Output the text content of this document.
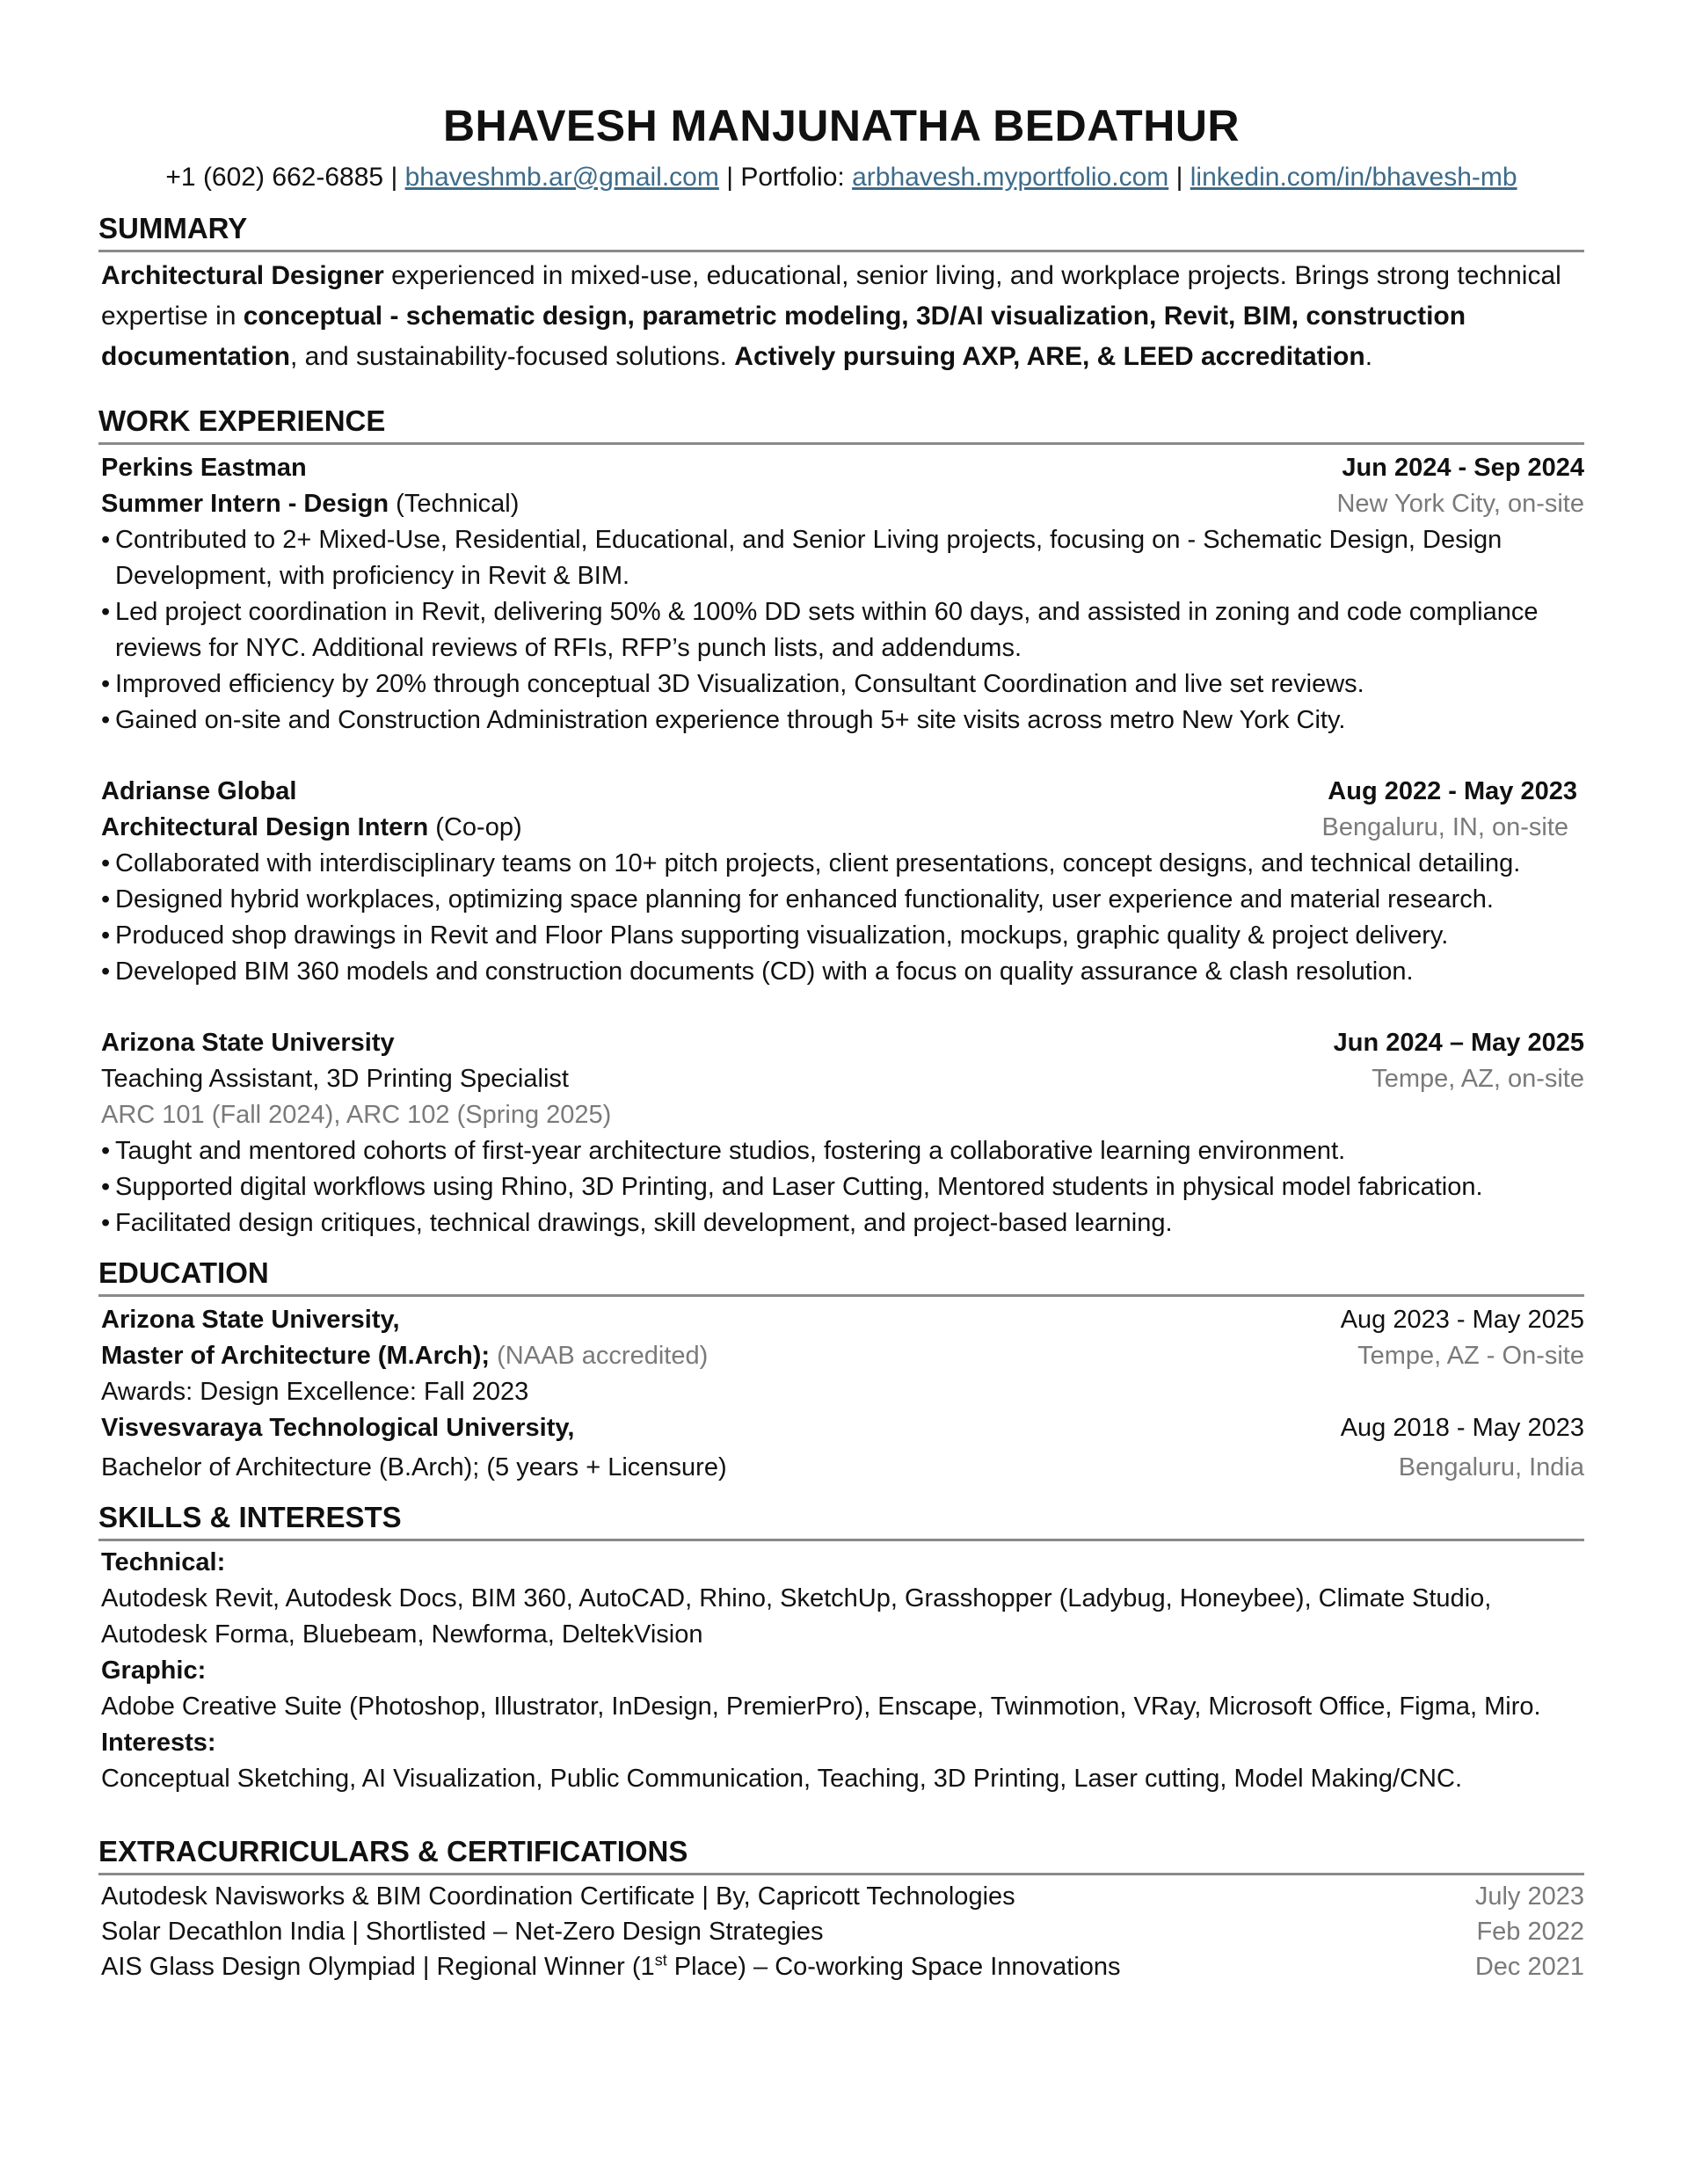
BHAVESH MANJUNATHA BEDATHUR
+1 (602) 662-6885 | bhaveshmb.ar@gmail.com | Portfolio: arbhavesh.myportfolio.com | linkedin.com/in/bhavesh-mb
SUMMARY
Architectural Designer experienced in mixed-use, educational, senior living, and workplace projects. Brings strong technical expertise in conceptual - schematic design, parametric modeling, 3D/AI visualization, Revit, BIM, construction documentation, and sustainability-focused solutions. Actively pursuing AXP, ARE, & LEED accreditation.
WORK EXPERIENCE
Perkins Eastman	Jun 2024 - Sep 2024
Summer Intern - Design (Technical)	New York City, on-site
• Contributed to 2+ Mixed-Use, Residential, Educational, and Senior Living projects, focusing on - Schematic Design, Design Development, with proficiency in Revit & BIM.
• Led project coordination in Revit, delivering 50% & 100% DD sets within 60 days, and assisted in zoning and code compliance reviews for NYC. Additional reviews of RFIs, RFP’s punch lists, and addendums.
• Improved efficiency by 20% through conceptual 3D Visualization, Consultant Coordination and live set reviews.
• Gained on-site and Construction Administration experience through 5+ site visits across metro New York City.
Adrianse Global	Aug 2022 - May 2023
Architectural Design Intern (Co-op)	Bengaluru, IN, on-site
• Collaborated with interdisciplinary teams on 10+ pitch projects, client presentations, concept designs, and technical detailing.
• Designed hybrid workplaces, optimizing space planning for enhanced functionality, user experience and material research.
• Produced shop drawings in Revit and Floor Plans supporting visualization, mockups, graphic quality & project delivery.
• Developed BIM 360 models and construction documents (CD) with a focus on quality assurance & clash resolution.
Arizona State University	Jun 2024 – May 2025
Teaching Assistant, 3D Printing Specialist	Tempe, AZ, on-site
ARC 101 (Fall 2024), ARC 102 (Spring 2025)
• Taught and mentored cohorts of first-year architecture studios, fostering a collaborative learning environment.
• Supported digital workflows using Rhino, 3D Printing, and Laser Cutting, Mentored students in physical model fabrication.
• Facilitated design critiques, technical drawings, skill development, and project-based learning.
EDUCATION
Arizona State University,	Aug 2023 - May 2025
Master of Architecture (M.Arch); (NAAB accredited)	Tempe, AZ - On-site
Awards: Design Excellence: Fall 2023
Visvesvaraya Technological University,	Aug 2018 - May 2023
Bachelor of Architecture (B.Arch); (5 years + Licensure)	Bengaluru, India
SKILLS & INTERESTS
Technical:
Autodesk Revit, Autodesk Docs, BIM 360, AutoCAD, Rhino, SketchUp, Grasshopper (Ladybug, Honeybee), Climate Studio, Autodesk Forma, Bluebeam, Newforma, DeltekVision
Graphic:
Adobe Creative Suite (Photoshop, Illustrator, InDesign, PremierPro), Enscape, Twinmotion, VRay, Microsoft Office, Figma, Miro.
Interests:
Conceptual Sketching, AI Visualization, Public Communication, Teaching, 3D Printing, Laser cutting, Model Making/CNC.
EXTRACURRICULARS & CERTIFICATIONS
Autodesk Navisworks & BIM Coordination Certificate | By, Capricott Technologies	July 2023
Solar Decathlon India | Shortlisted – Net-Zero Design Strategies	Feb 2022
AIS Glass Design Olympiad | Regional Winner (1st Place) – Co-working Space Innovations	Dec 2021
